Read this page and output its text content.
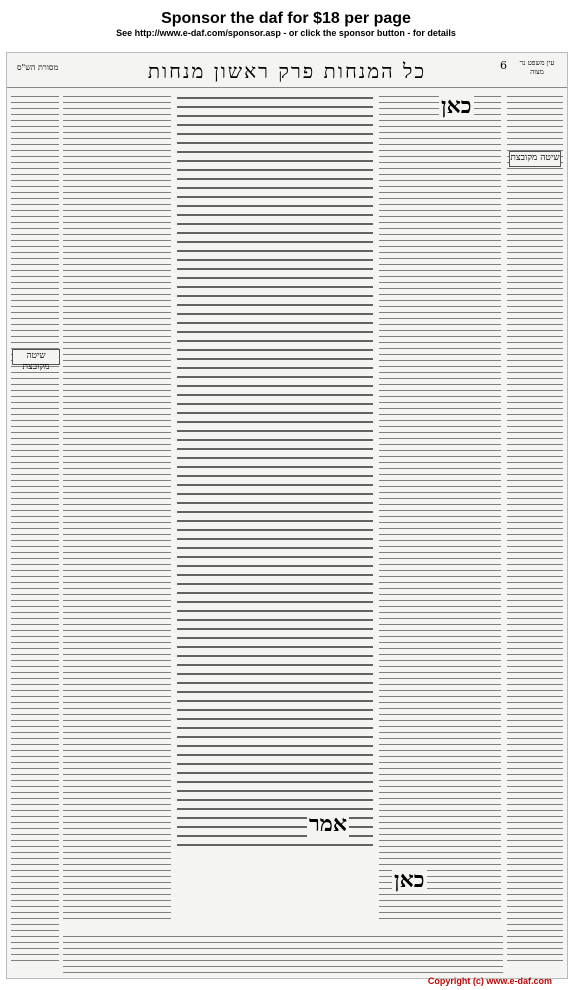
Sponsor the daf for $18 per page
See http://www.e-daf.com/sponsor.asp - or click the sponsor button - for details
עין משפט נר מצוה
6
כל המנחות פרק ראשון מנחות
מסורת הש"ס
שיטה מקובצת
כאן
אמר
כאן
שיטה מקובצת
Copyright (c) www.e-daf.com
